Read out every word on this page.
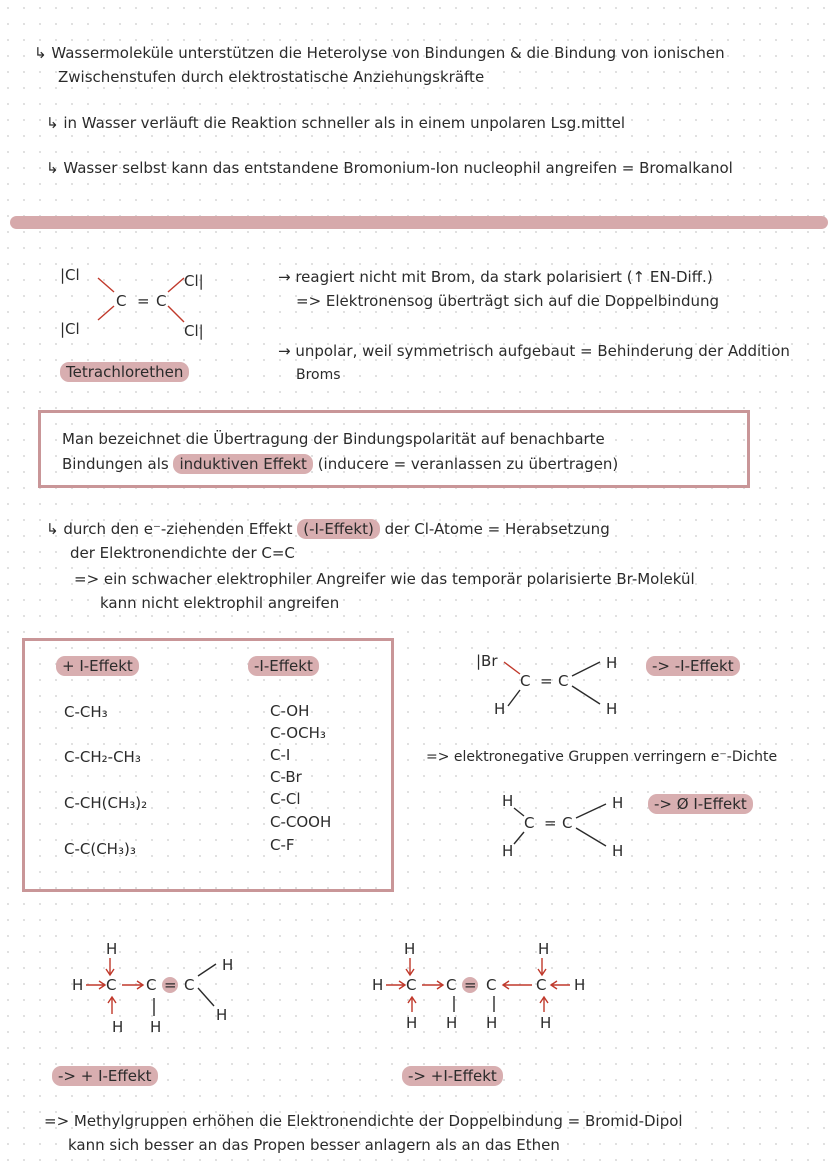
↳ Wassermoleküle unterstützen die Heterolyse von Bindungen & die Bindung von ionischen
Zwischenstufen durch elektrostatische Anziehungskräfte
↳ in Wasser verläuft die Reaktion schneller als in einem unpolaren Lsg.mittel
↳ Wasser selbst kann das entstandene Bromonium-Ion nucleophil angreifen = Bromalkanol
|Cl
|Cl
Cl|
Cl|
C = C
Tetrachlorethen
→ reagiert nicht mit Brom, da stark polarisiert (↑ EN-Diff.)
=> Elektronensog überträgt sich auf die Doppelbindung
→ unpolar, weil symmetrisch aufgebaut = Behinderung der Addition
Broms
Man bezeichnet die Übertragung der Bindungspolarität auf benachbarte
Bindungen als induktiven Effekt (inducere = veranlassen zu übertragen)
↳ durch den e⁻-ziehenden Effekt (-I-Effekt) der Cl-Atome = Herabsetzung
der Elektronendichte der C=C
=> ein schwacher elektrophiler Angreifer wie das temporär polarisierte Br-Molekül
kann nicht elektrophil angreifen
+ I-Effekt	-I-Effekt
C-CH₃
C-CH₂-CH₃
C-CH(CH₃)₂
C-C(CH₃)₃
C-OH
C-OCH₃
C-I
C-Br
C-Cl
C-COOH
C-F
|Br
C = C
H
H
H
-> -I-Effekt
=> elektronegative Gruppen verringern e⁻-Dichte
H
C = C
H
H
H
-> Ø I-Effekt
H
H C C C
H H
H
H
=
-> + I-Effekt
H
H C C C	C H
H
H H H	H
=
-> +I-Effekt
=> Methylgruppen erhöhen die Elektronendichte der Doppelbindung = Bromid-Dipol
kann sich besser an das Propen besser anlagern als an das Ethen
